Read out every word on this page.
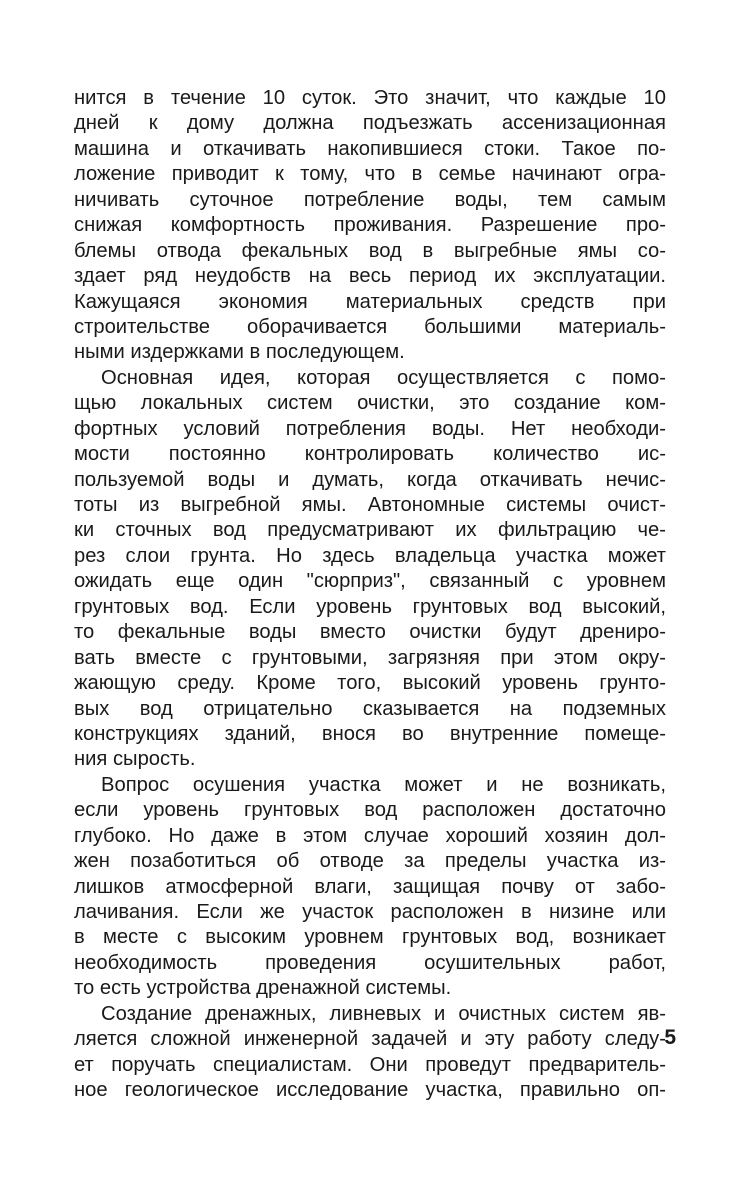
нится в течение 10 суток. Это значит, что каждые 10
дней к дому должна подъезжать ассенизационная
машина и откачивать накопившиеся стоки. Такое по-
ложение приводит к тому, что в семье начинают огра-
ничивать суточное потребление воды, тем самым
снижая комфортность проживания. Разрешение про-
блемы отвода фекальных вод в выгребные ямы со-
здает ряд неудобств на весь период их эксплуатации.
Кажущаяся экономия материальных средств при
строительстве оборачивается большими материаль-
ными издержками в последующем.
Основная идея, которая осуществляется с помо-
щью локальных систем очистки, это создание ком-
фортных условий потребления воды. Нет необходи-
мости постоянно контролировать количество ис-
пользуемой воды и думать, когда откачивать нечис-
тоты из выгребной ямы. Автономные системы очист-
ки сточных вод предусматривают их фильтрацию че-
рез слои грунта. Но здесь владельца участка может
ожидать еще один "сюрприз", связанный с уровнем
грунтовых вод. Если уровень грунтовых вод высокий,
то фекальные воды вместо очистки будут дрениро-
вать вместе с грунтовыми, загрязняя при этом окру-
жающую среду. Кроме того, высокий уровень грунто-
вых вод отрицательно сказывается на подземных
конструкциях зданий, внося во внутренние помеще-
ния сырость.
Вопрос осушения участка может и не возникать,
если уровень грунтовых вод расположен достаточно
глубоко. Но даже в этом случае хороший хозяин дол-
жен позаботиться об отводе за пределы участка из-
лишков атмосферной влаги, защищая почву от забо-
лачивания. Если же участок расположен в низине или
в месте с высоким уровнем грунтовых вод, возникает
необходимость проведения осушительных работ,
то есть устройства дренажной системы.
Создание дренажных, ливневых и очистных систем яв-
ляется сложной инженерной задачей и эту работу следу-
ет поручать специалистам. Они проведут предваритель-
ное геологическое исследование участка, правильно оп-
5
